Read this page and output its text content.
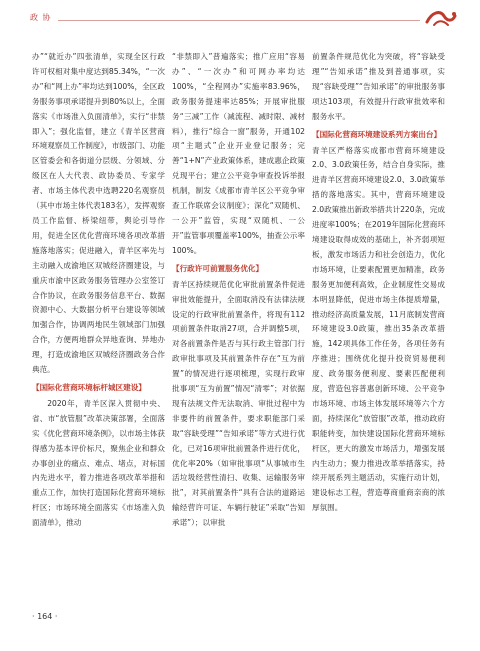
政 协

办”“就近办”四张清单，实现全区行政许可权相对集中度达到85.34%，“一次办”和“网上办”率均达到100%，全区政务服务事项承诺提升到80%以上，全面落实《市场准入负面清单》，实行“非禁即入”；强化监督，建立《青羊区营商环境观察员工作制度》，市级部门、功能区管委会和各街道分层级、分领域、分级区在人大代表、政协委员、专家学者、市场主体代表中选聘220名观察员（其中市场主体代表183名），发挥观察员工作监督、桥梁纽带，舆论引导作用，促进全区优化营商环境各项改革措施落地落实；促进融入，青羊区率先与主动融入成渝地区双城经济圈建设，与重庆市渝中区政务服务管理办公室签订合作协议，在政务服务信息平台、数据资源中心、大数据分析平台建设等领域加强合作，协调两地民生领域部门加强合作，方便两地群众异地查询、异地办理，打造成渝地区双城经济圈政务合作典范。

【国际化营商环境标杆城区建设】

2020年，青羊区深入贯彻中央、省、市“放管服”改革决策部署，全面落实《优化营商环境条例》，以市场主体获得感为基本评价标尺，聚焦企业和群众办事创业的痛点、难点、堵点，对标国内先进水平，着力推进各项改革举措和重点工作，加快打造国际化营商环境标杆区；市场环境全面落实《市场准入负面清单》，推动

“非禁即入”普遍落实；推广应用“容易办”、“一次办”和可网办率均达100%，“全程网办”实施率83.96%，政务服务提速率达85%；开展审批服务“三减”工作（减流程、减时限、减材料），推行“综合一窗”服务，开通102项“主题式”企业开业登记服务；完善“1+N”产业政策体系，建成惠企政策兑现平台；建立公平竞争审查投诉举报机制，制发《成都市青羊区公平竞争审查工作联席会议制度》；深化“双随机、一公开”监管，实现“双随机、一公开”监管事项覆盖率100%，抽查公示率100%。

【行政许可前置服务优化】

青羊区持续规范优化审批前置条件促进审批效能提升，全面取消没有法律法规设定的行政审批前置条件，将现有112项前置条件取消27项，合并调整5项，对各前置条件是否与其行政主管部门行政审批事项及其前置条件存在“互为前置”的情况进行逐项梳理，实现行政审批事项“互为前置”情况“清零”；对依据现有法规文件无法取消、审批过程中为非要件的前置条件，要求职能部门采取“容缺受理”“告知承诺”等方式进行优化，已对16项审批前置条件进行优化，优化率20%（如审批事项“从事城市生活垃圾经营性清扫、收集、运输服务审批”，对其前置条件“具有合法的道路运输经营许可证、车辆行驶证”采取“告知承诺”）；以审批

前置条件规范优化为突破，将“容缺受理”“告知承诺”推及到普通事项，实现“容缺受理”“告知承诺”的审批服务事项达103项，有效提升行政审批效率和服务水平。

【国际化营商环境建设系列方案出台】

青羊区严格落实成都市营商环境建设2.0、3.0政策任务，结合自身实际，推进青羊区营商环境建设2.0、3.0政策举措的落地落实。其中，营商环境建设2.0政策推出新政举措共计220条，完成进度率100%；在2019年国际化营商环境建设取得成效的基础上，补齐弱项短板，激发市场活力和社会创造力，优化市场环境，让要素配置更加精准，政务服务更加便利高效，企业制度性交易成本明显降低，促进市场主体提质增量，推动经济高质量发展，11月底制发营商环境建设3.0政策，推出35条改革措施，142项具体工作任务，各项任务有序推进；围绕优化提升投资贸易便利度、政务服务便利度、要素匹配便利度，营造包容普惠创新环境、公平竞争市场环境、市场主体发展环境等六个方面，持续深化“放管服”改革，推动政府职能转变，加快建设国际化营商环境标杆区，更大的激发市场活力，增强发展内生动力；聚力推进改革举措落实，持续开展系列主题活动，实施行动计划，建设标志工程，营造尊商重商亲商的浓厚氛围。

· 164 ·
